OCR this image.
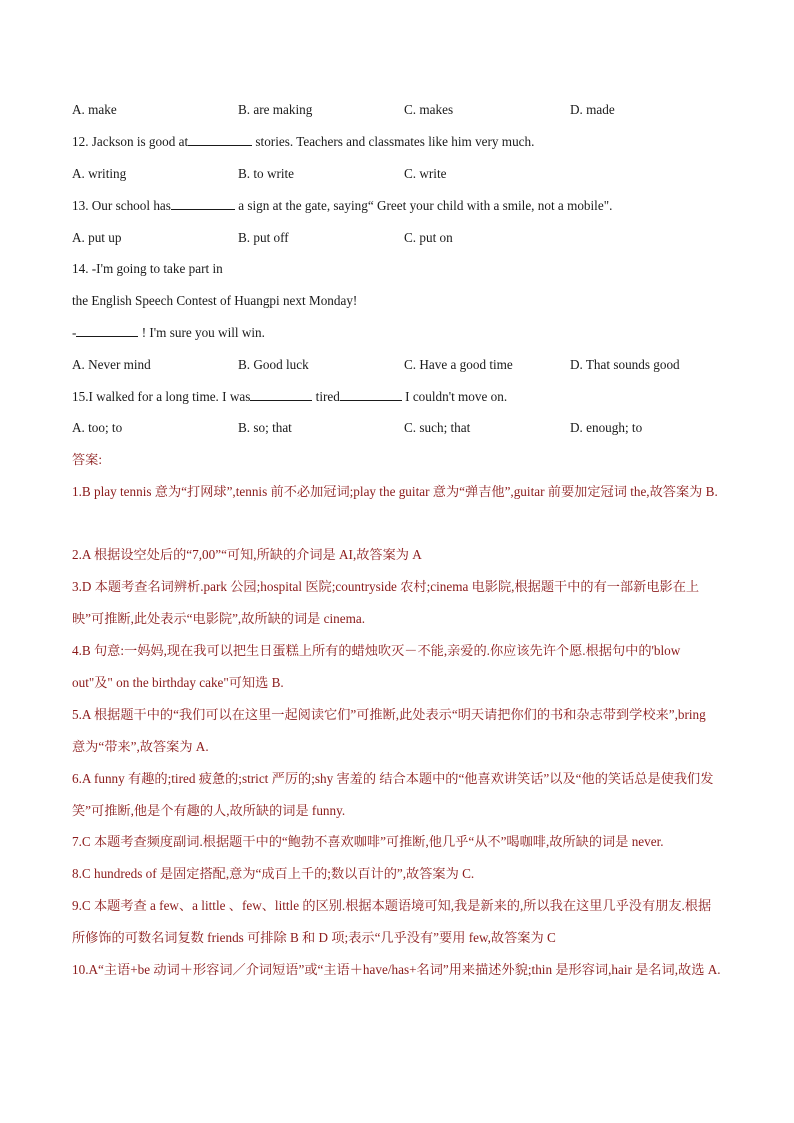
A. make	B. are making	C. makes	D. made
12. Jackson is good at	stories. Teachers and classmates like him very much.
A. writing	B. to write	C. write
13. Our school has	a sign at the gate, saying“ Greet your child with a smile, not a mobile".
A. put up	B. put off	C. put on
14. -I'm going to take part in
the English Speech Contest of Huangpi next Monday!
-	! I'm sure you will win.
A. Never mind	B. Good luck	C. Have a good time	D. That sounds good
15.I walked for a long time. I was	tired	I couldn't move on.
A. too; to	B. so; that	C. such; that	D. enough; to
答案:
1.B play tennis 意为“打网球”,tennis 前不必加冠词;play the guitar 意为“弹吉他”,guitar 前要加定冠词 the,故答案为 B.
2.A 根据设空处后的“7,00”“可知,所缺的介词是 AI,故答案为 A
3.D 本题考查名词辨析.park 公园;hospital 医院;countryside 农村;cinema 电影院,根据题干中的有一部新电影在上映”可推断,此处表示“电影院”,故所缺的词是 cinema.
4.B 句意:一妈妈,现在我可以把生日蛋糕上所有的蜡烛吹灭－不能,亲爱的.你应该先许个愿.根据句中的'blow out"及" on the birthday cake"可知选 B.
5.A 根据题干中的“我们可以在这里一起阅读它们”可推断,此处表示“明天请把你们的书和杂志带到学校来”,bring 意为“带来”,故答案为 A.
6.A funny 有趣的;tired 疲惫的;strict 严厉的;shy 害羞的 结合本题中的“他喜欢讲笑话”以及“他的笑话总是使我们发笑”可推断,他是个有趣的人,故所缺的词是 funny.
7.C 本题考查频度副词.根据题干中的“鲍勃不喜欢咖啡”可推断,他几乎“从不”喝咖啡,故所缺的词是 never.
8.C hundreds of 是固定搭配,意为“成百上千的;数以百计的”,故答案为 C.
9.C 本题考查 a few、a little 、few、little 的区别.根据本题语境可知,我是新来的,所以我在这里几乎没有朋友.根据所修饰的可数名词复数 friends 可排除 B 和 D 项;表示“几乎没有”要用 few,故答案为 C
10.A“主语+be 动词＋形容词／介词短语”或“主语＋have/has+名词”用来描述外貌;thin 是形容词,hair 是名词,故选 A.
